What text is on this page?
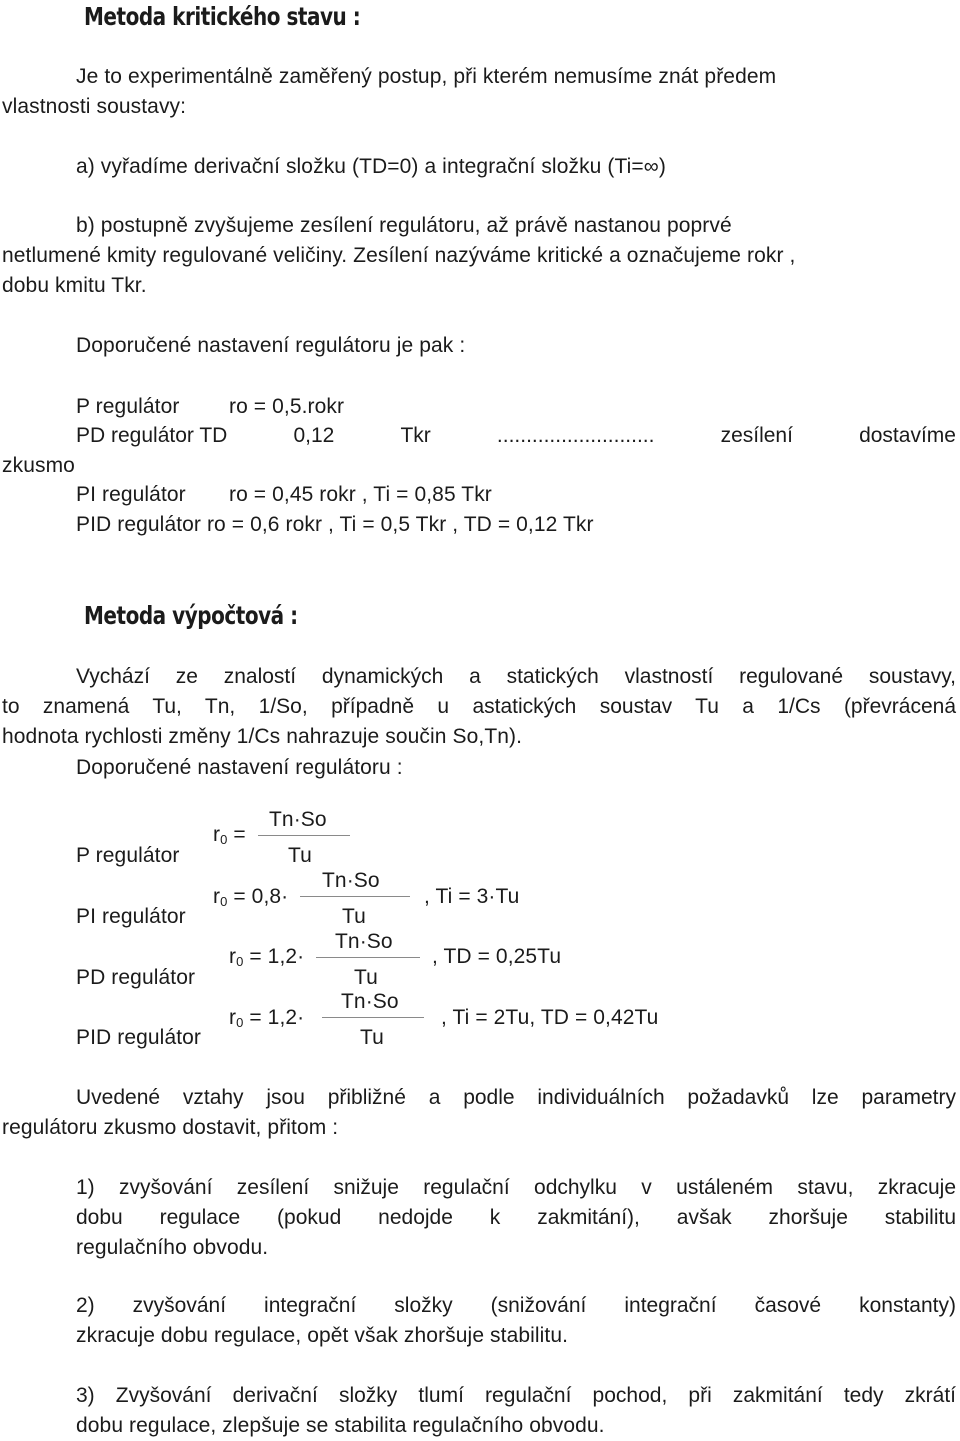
Metoda kritického stavu :
Je to experimentálně zaměřený postup, při kterém nemusíme znát předem
vlastnosti soustavy:
a) vyřadíme derivační složku (TD=0) a integrační složku (Ti=∞)
b) postupně zvyšujeme zesílení regulátoru, až právě nastanou poprvé
netlumené kmity regulované veličiny. Zesílení nazýváme kritické a označujeme rokr ,
dobu kmitu Tkr.
Doporučené nastavení regulátoru je pak :
P regulátor ro = 0,5.rokr
PD regulátor TD	0,12	Tkr	...........................	zesílení	dostavíme
zkusmo
PI regulátor ro = 0,45 rokr , Ti = 0,85 Tkr
PID regulátor ro = 0,6 rokr , Ti = 0,5 Tkr , TD = 0,12 Tkr
Metoda výpočtová :
Vychází ze znalostí dynamických a statických vlastností regulované soustavy,
to znamená Tu, Tn, 1/So, případně u astatických soustav Tu a 1/Cs (převrácená
hodnota rychlosti změny 1/Cs nahrazuje součin So,Tn).
Doporučené nastavení regulátoru :
r0 =
Tn·So
Tu
P regulátor
r0 = 0,8·
Tn·So
Tu
, Ti = 3·Tu
PI regulátor
r0 = 1,2·
Tn·So
Tu
, TD = 0,25Tu
PD regulátor
r0 = 1,2·
Tn·So
Tu
, Ti = 2Tu, TD = 0,42Tu
PID regulátor
Uvedené vztahy jsou přibližné a podle individuálních požadavků lze parametry
regulátoru zkusmo dostavit, přitom :
1) zvyšování zesílení snižuje regulační odchylku v ustáleném stavu, zkracuje
dobu regulace (pokud nedojde k zakmitání), avšak zhoršuje stabilitu
regulačního obvodu.
2) zvyšování integrační složky (snižování integrační časové konstanty)
zkracuje dobu regulace, opět však zhoršuje stabilitu.
3) Zvyšování derivační složky tlumí regulační pochod, při zakmitání tedy zkrátí
dobu regulace, zlepšuje se stabilita regulačního obvodu.
